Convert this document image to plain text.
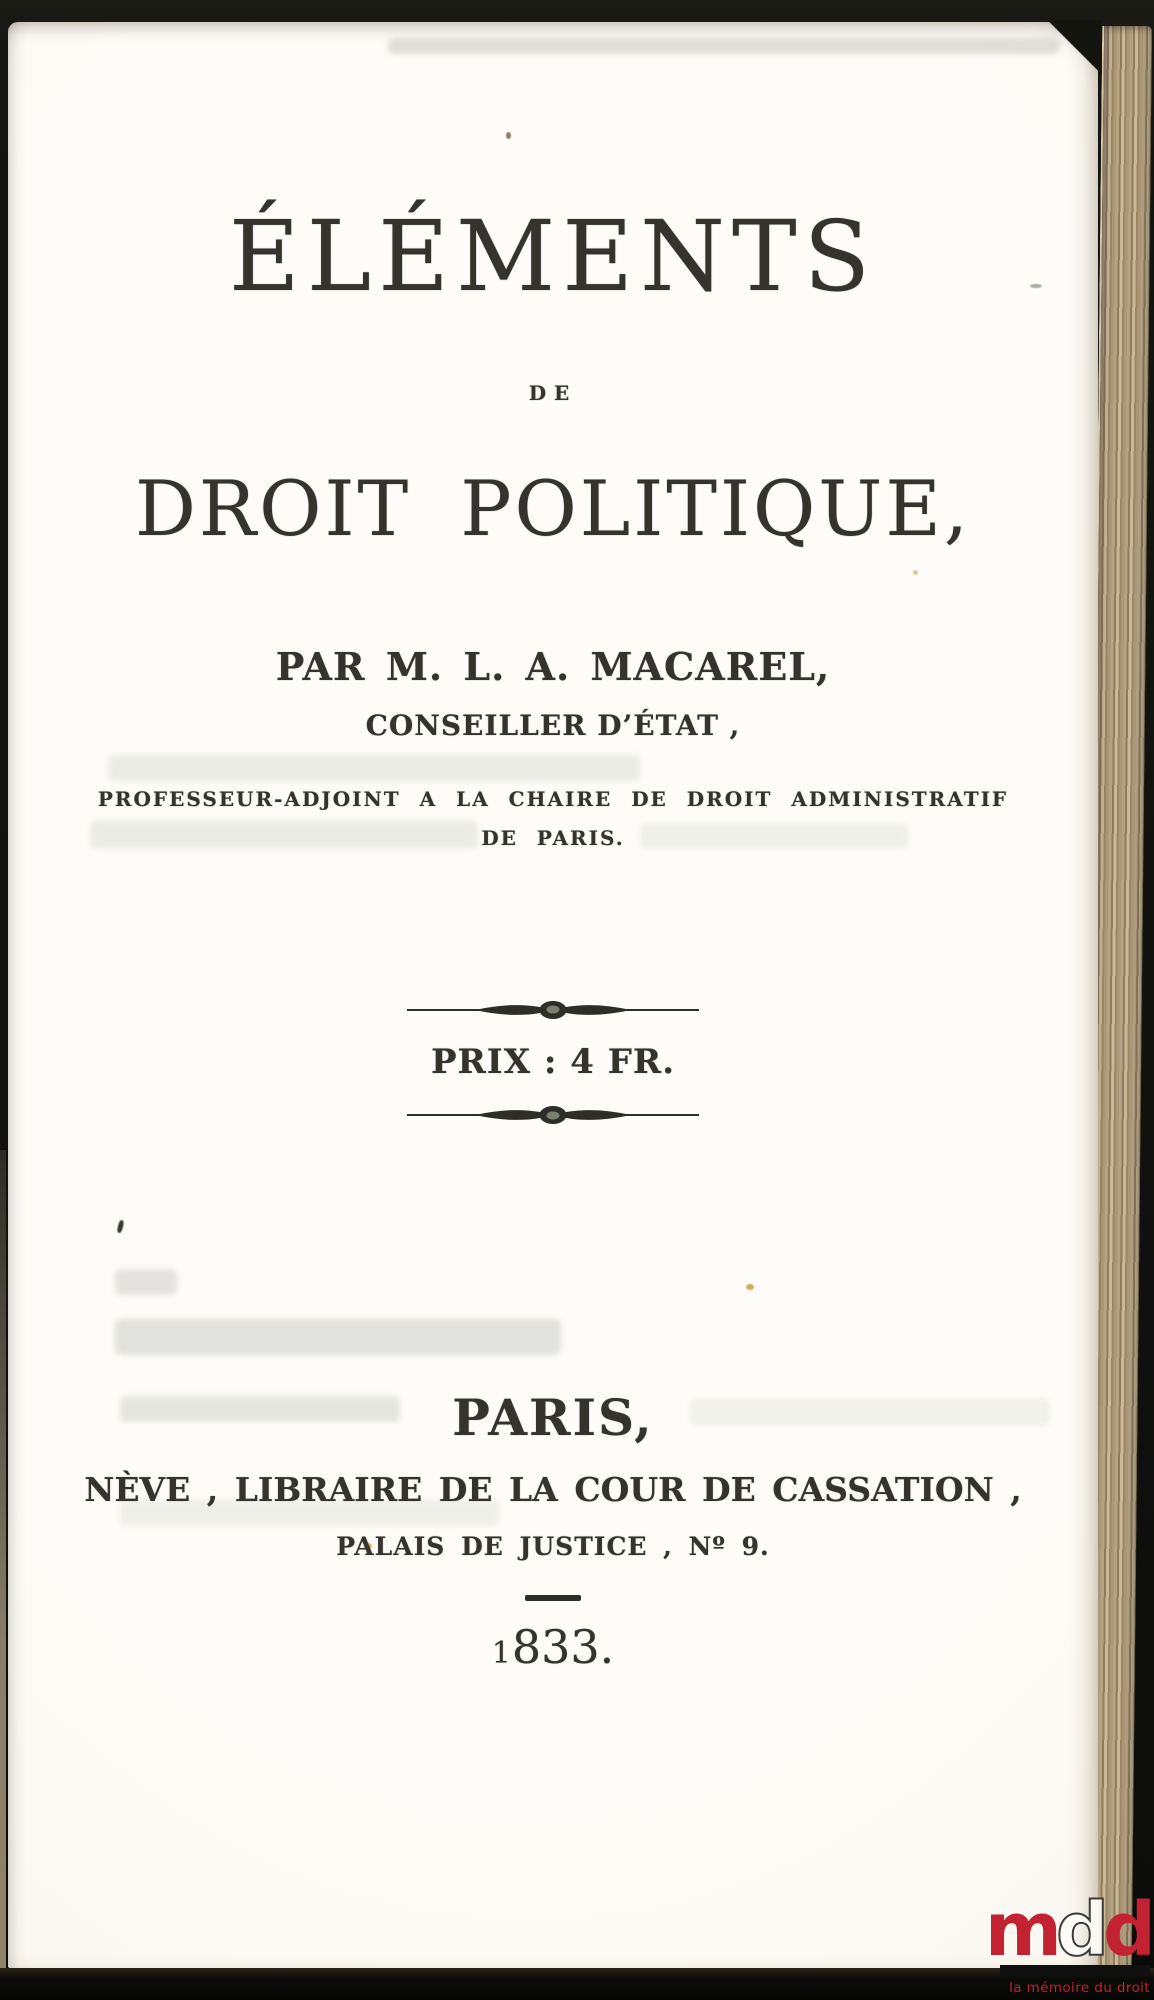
ÉLÉMENTS
DE
DROIT POLITIQUE,
PAR M. L. A. MACAREL,
CONSEILLER D’ÉTAT ,
PROFESSEUR-ADJOINT A LA CHAIRE DE DROIT ADMINISTRATIF
DE PARIS.
PRIX : 4 FR.
PARIS,
NÈVE , LIBRAIRE DE LA COUR DE CASSATION ,
PALAIS DE JUSTICE , Nº 9.
1833.
mdd
la mémoire du droit
